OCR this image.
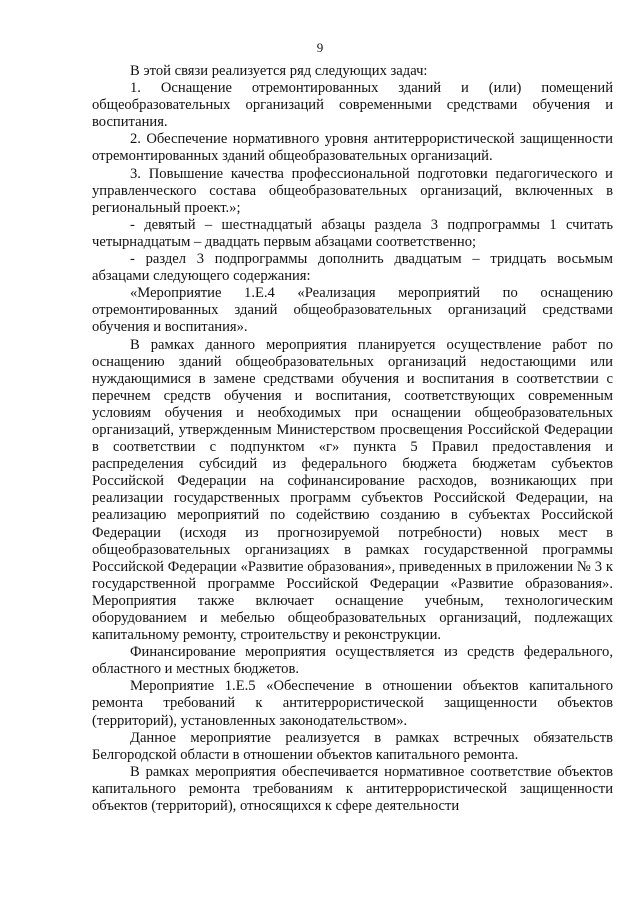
9

В этой связи реализуется ряд следующих задач:

1. Оснащение отремонтированных зданий и (или) помещений общеобразовательных организаций современными средствами обучения и воспитания.

2. Обеспечение нормативного уровня антитеррористической защищенности отремонтированных зданий общеобразовательных организаций.

3. Повышение качества профессиональной подготовки педагогического и управленческого состава общеобразовательных организаций, включенных в региональный проект.»;

- девятый – шестнадцатый абзацы раздела 3 подпрограммы 1 считать четырнадцатым – двадцать первым абзацами соответственно;

- раздел 3 подпрограммы дополнить двадцатым – тридцать восьмым абзацами следующего содержания:

«Мероприятие 1.Е.4 «Реализация мероприятий по оснащению отремонтированных зданий общеобразовательных организаций средствами обучения и воспитания».

В рамках данного мероприятия планируется осуществление работ по оснащению зданий общеобразовательных организаций недостающими или нуждающимися в замене средствами обучения и воспитания в соответствии с перечнем средств обучения и воспитания, соответствующих современным условиям обучения и необходимых при оснащении общеобразовательных организаций, утвержденным Министерством просвещения Российской Федерации в соответствии с подпунктом «г» пункта 5 Правил предоставления и распределения субсидий из федерального бюджета бюджетам субъектов Российской Федерации на софинансирование расходов, возникающих при реализации государственных программ субъектов Российской Федерации, на реализацию мероприятий по содействию созданию в субъектах Российской Федерации (исходя из прогнозируемой потребности) новых мест в общеобразовательных организациях в рамках государственной программы Российской Федерации «Развитие образования», приведенных в приложении № 3 к государственной программе Российской Федерации «Развитие образования». Мероприятия также включает оснащение учебным, технологическим оборудованием и мебелью общеобразовательных организаций, подлежащих капитальному ремонту, строительству и реконструкции.

Финансирование мероприятия осуществляется из средств федерального, областного и местных бюджетов.

Мероприятие 1.Е.5 «Обеспечение в отношении объектов капитального ремонта требований к антитеррористической защищенности объектов (территорий), установленных законодательством».

Данное мероприятие реализуется в рамках встречных обязательств Белгородской области в отношении объектов капитального ремонта.

В рамках мероприятия обеспечивается нормативное соответствие объектов капитального ремонта требованиям к антитеррористической защищенности объектов (территорий), относящихся к сфере деятельности
